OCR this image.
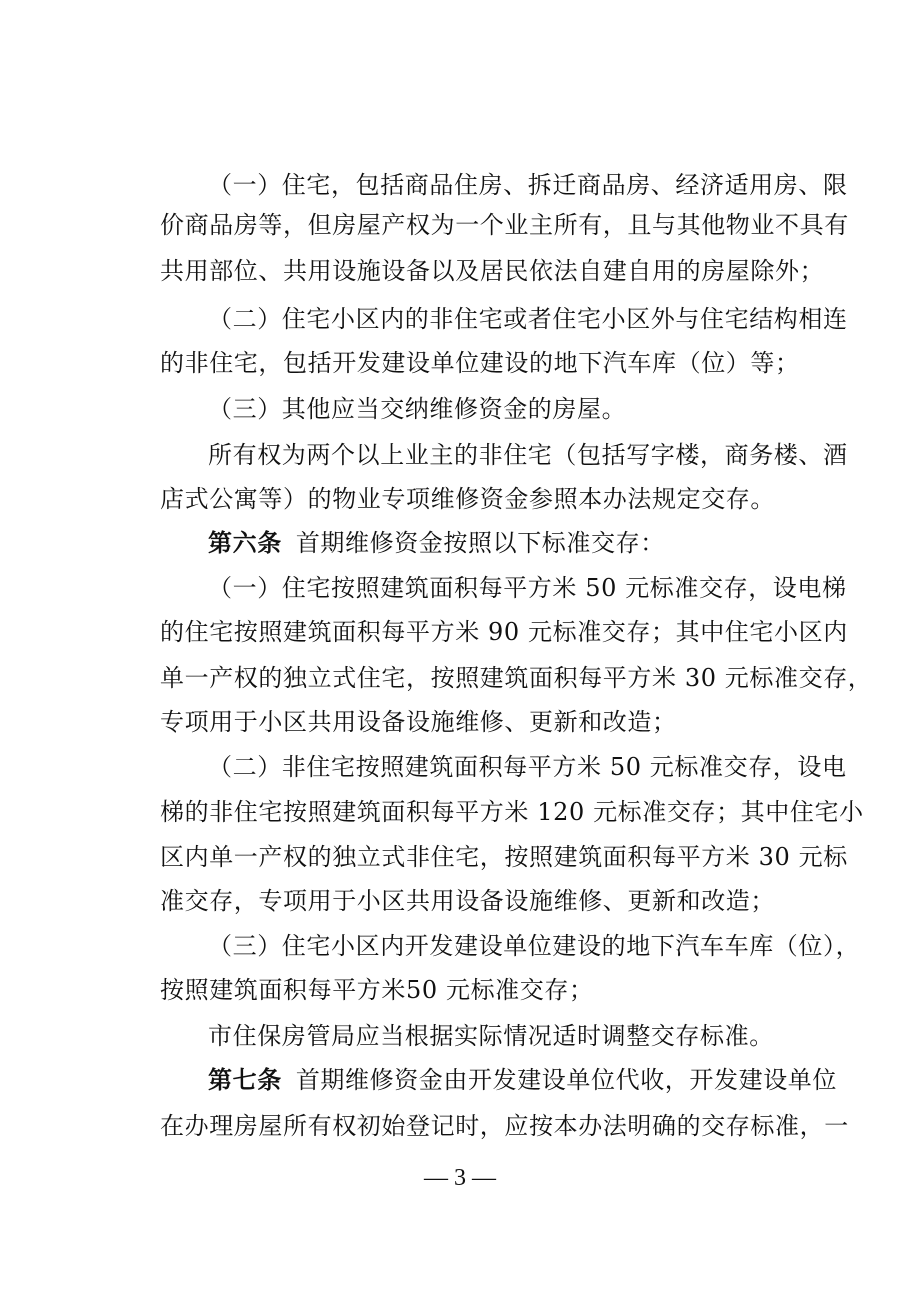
（一）住宅，包括商品住房、拆迁商品房、经济适用房、限
价商品房等，但房屋产权为一个业主所有，且与其他物业不具有
共用部位、共用设施设备以及居民依法自建自用的房屋除外；
（二）住宅小区内的非住宅或者住宅小区外与住宅结构相连
的非住宅，包括开发建设单位建设的地下汽车库（位）等；
（三）其他应当交纳维修资金的房屋。
所有权为两个以上业主的非住宅（包括写字楼，商务楼、酒
店式公寓等）的物业专项维修资金参照本办法规定交存。
第六条 首期维修资金按照以下标准交存：
（一）住宅按照建筑面积每平方米 50 元标准交存，设电梯
的住宅按照建筑面积每平方米 90 元标准交存；其中住宅小区内
单一产权的独立式住宅，按照建筑面积每平方米 30 元标准交存，
专项用于小区共用设备设施维修、更新和改造；
（二）非住宅按照建筑面积每平方米 50 元标准交存，设电
梯的非住宅按照建筑面积每平方米 120 元标准交存；其中住宅小
区内单一产权的独立式非住宅，按照建筑面积每平方米 30 元标
准交存，专项用于小区共用设备设施维修、更新和改造；
（三）住宅小区内开发建设单位建设的地下汽车车库（位），
按照建筑面积每平方米50 元标准交存；
市住保房管局应当根据实际情况适时调整交存标准。
第七条 首期维修资金由开发建设单位代收，开发建设单位
在办理房屋所有权初始登记时，应按本办法明确的交存标准，一
— 3 —
